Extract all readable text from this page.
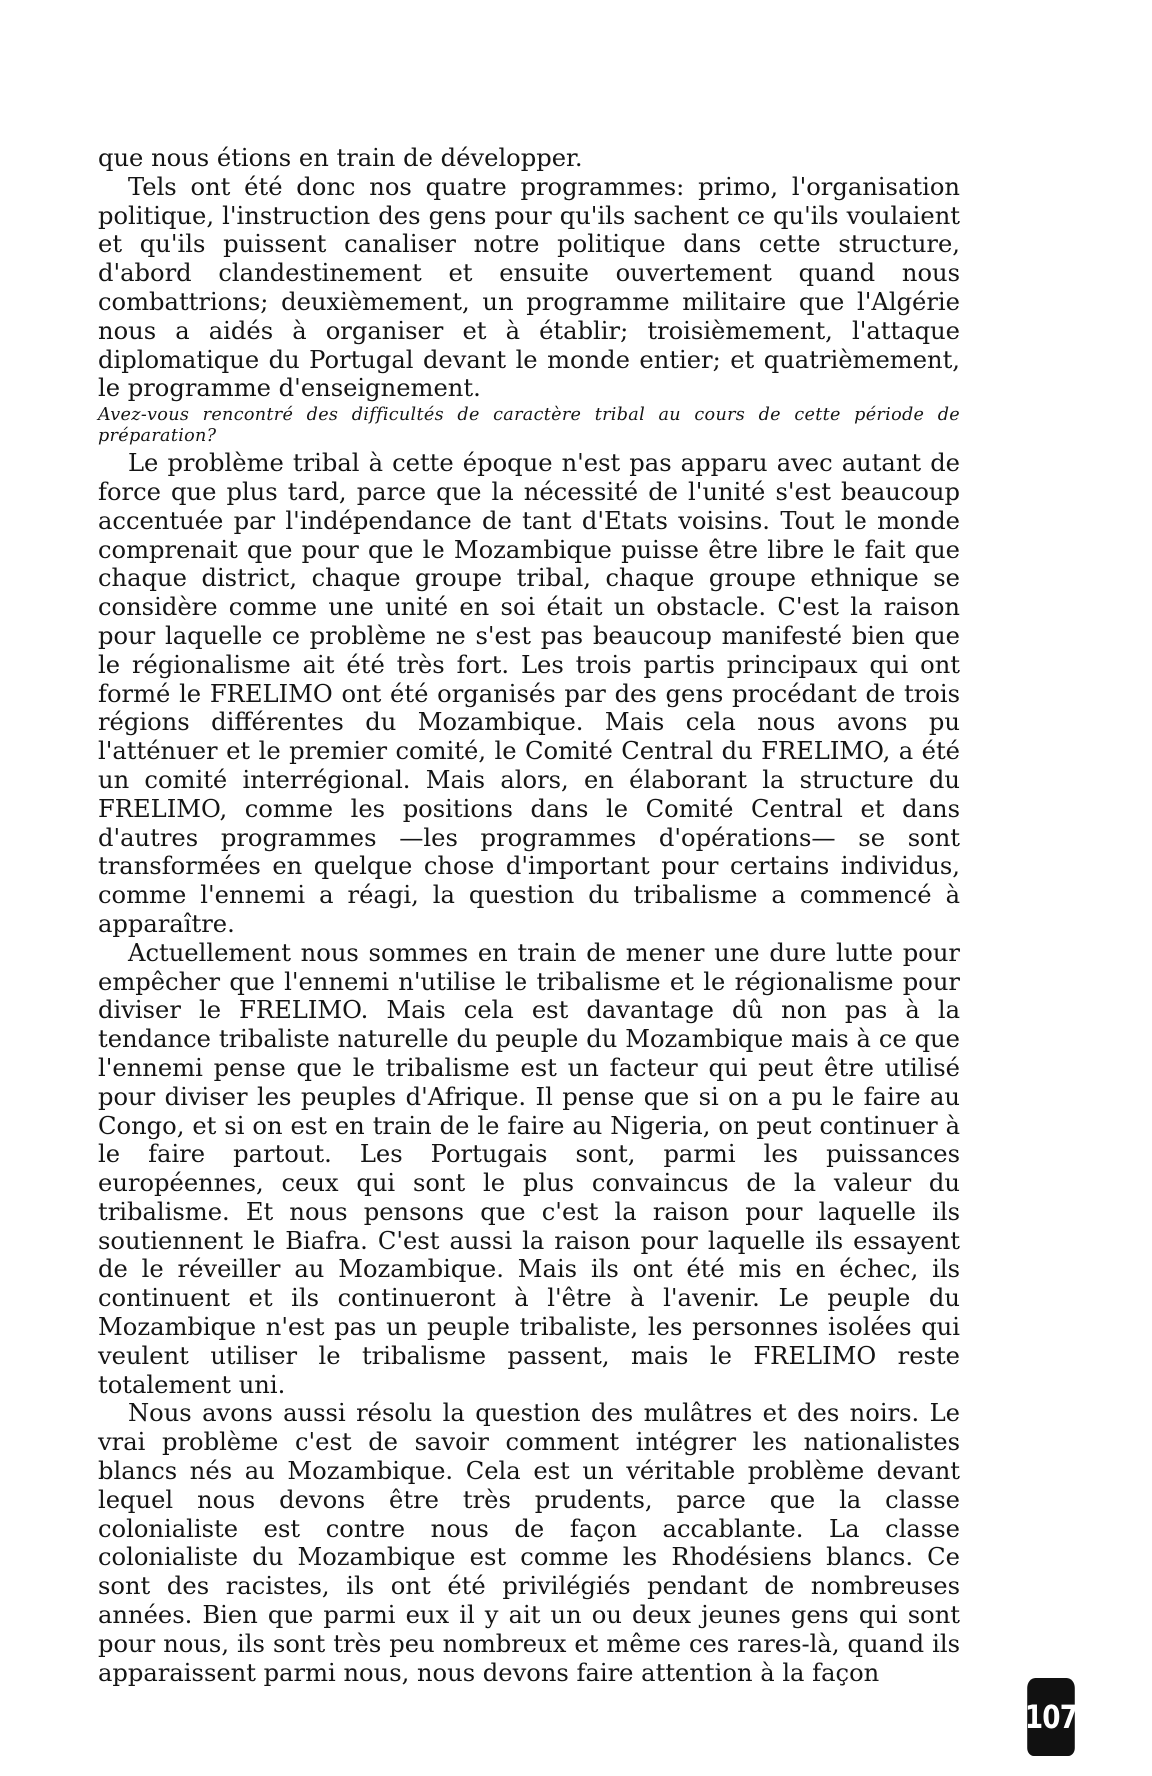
que nous étions en train de développer.

Tels ont été donc nos quatre programmes: primo, l'organisation politique, l'instruction des gens pour qu'ils sachent ce qu'ils voulaient et qu'ils puissent canaliser notre politique dans cette structure, d'abord clandestinement et ensuite ouvertement quand nous combattrions; deuxièmement, un programme militaire que l'Algérie nous a aidés à organiser et à établir; troisièmement, l'attaque diplomatique du Portugal devant le monde entier; et quatrièmement, le programme d'enseignement.

Avez-vous rencontré des difficultés de caractère tribal au cours de cette période de préparation?

Le problème tribal à cette époque n'est pas apparu avec autant de force que plus tard, parce que la nécessité de l'unité s'est beaucoup accentuée par l'indépendance de tant d'Etats voisins. Tout le monde comprenait que pour que le Mozambique puisse être libre le fait que chaque district, chaque groupe tribal, chaque groupe ethnique se considère comme une unité en soi était un obstacle. C'est la raison pour laquelle ce problème ne s'est pas beaucoup manifesté bien que le régionalisme ait été très fort. Les trois partis principaux qui ont formé le FRELIMO ont été organisés par des gens procédant de trois régions différentes du Mozambique. Mais cela nous avons pu l'atténuer et le premier comité, le Comité Central du FRELIMO, a été un comité interrégional. Mais alors, en élaborant la structure du FRELIMO, comme les positions dans le Comité Central et dans d'autres programmes —les programmes d'opérations— se sont transformées en quelque chose d'important pour certains individus, comme l'ennemi a réagi, la question du tribalisme a commencé à apparaître.

Actuellement nous sommes en train de mener une dure lutte pour empêcher que l'ennemi n'utilise le tribalisme et le régionalisme pour diviser le FRELIMO. Mais cela est davantage dû non pas à la tendance tribaliste naturelle du peuple du Mozambique mais à ce que l'ennemi pense que le tribalisme est un facteur qui peut être utilisé pour diviser les peuples d'Afrique. Il pense que si on a pu le faire au Congo, et si on est en train de le faire au Nigeria, on peut continuer à le faire partout. Les Portugais sont, parmi les puissances européennes, ceux qui sont le plus convaincus de la valeur du tribalisme. Et nous pensons que c'est la raison pour laquelle ils soutiennent le Biafra. C'est aussi la raison pour laquelle ils essayent de le réveiller au Mozambique. Mais ils ont été mis en échec, ils continuent et ils continueront à l'être à l'avenir. Le peuple du Mozambique n'est pas un peuple tribaliste, les personnes isolées qui veulent utiliser le tribalisme passent, mais le FRELIMO reste totalement uni.

Nous avons aussi résolu la question des mulâtres et des noirs. Le vrai problème c'est de savoir comment intégrer les nationalistes blancs nés au Mozambique. Cela est un véritable problème devant lequel nous devons être très prudents, parce que la classe colonialiste est contre nous de façon accablante. La classe colonialiste du Mozambique est comme les Rhodésiens blancs. Ce sont des racistes, ils ont été privilégiés pendant de nombreuses années. Bien que parmi eux il y ait un ou deux jeunes gens qui sont pour nous, ils sont très peu nombreux et même ces rares-là, quand ils apparaissent parmi nous, nous devons faire attention à la façon

107
